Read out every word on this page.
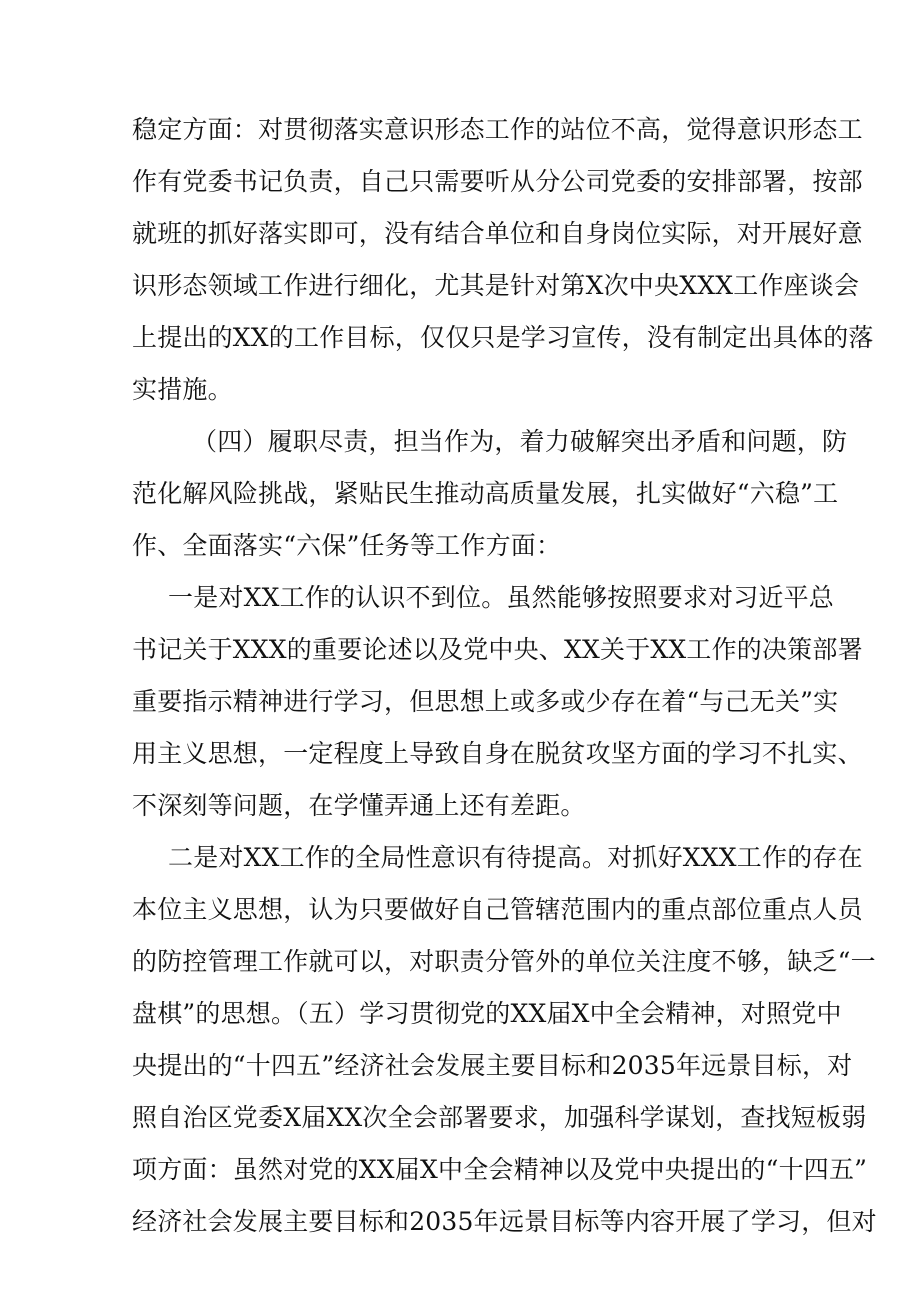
稳定方面：对贯彻落实意识形态工作的站位不高，觉得意识形态工
作有党委书记负责，自己只需要听从分公司党委的安排部署，按部
就班的抓好落实即可，没有结合单位和自身岗位实际，对开展好意
识形态领域工作进行细化，尤其是针对第X次中央XXX工作座谈会
上提出的XX的工作目标，仅仅只是学习宣传，没有制定出具体的落
实措施。
（四）履职尽责，担当作为，着力破解突出矛盾和问题，防
范化解风险挑战，紧贴民生推动高质量发展，扎实做好“六稳”工
作、全面落实“六保”任务等工作方面：
一是对XX工作的认识不到位。虽然能够按照要求对习近平总
书记关于XXX的重要论述以及党中央、XX关于XX工作的决策部署
重要指示精神进行学习，但思想上或多或少存在着“与己无关”实
用主义思想，一定程度上导致自身在脱贫攻坚方面的学习不扎实、
不深刻等问题，在学懂弄通上还有差距。
二是对XX工作的全局性意识有待提高。对抓好XXX工作的存在
本位主义思想，认为只要做好自己管辖范围内的重点部位重点人员
的防控管理工作就可以，对职责分管外的单位关注度不够，缺乏“一
盘棋”的思想。（五）学习贯彻党的XX届X中全会精神，对照党中
央提出的“十四五”经济社会发展主要目标和2035年远景目标，对
照自治区党委X届XX次全会部署要求，加强科学谋划，查找短板弱
项方面：虽然对党的XX届X中全会精神以及党中央提出的“十四五”
经济社会发展主要目标和2035年远景目标等内容开展了学习，但对
